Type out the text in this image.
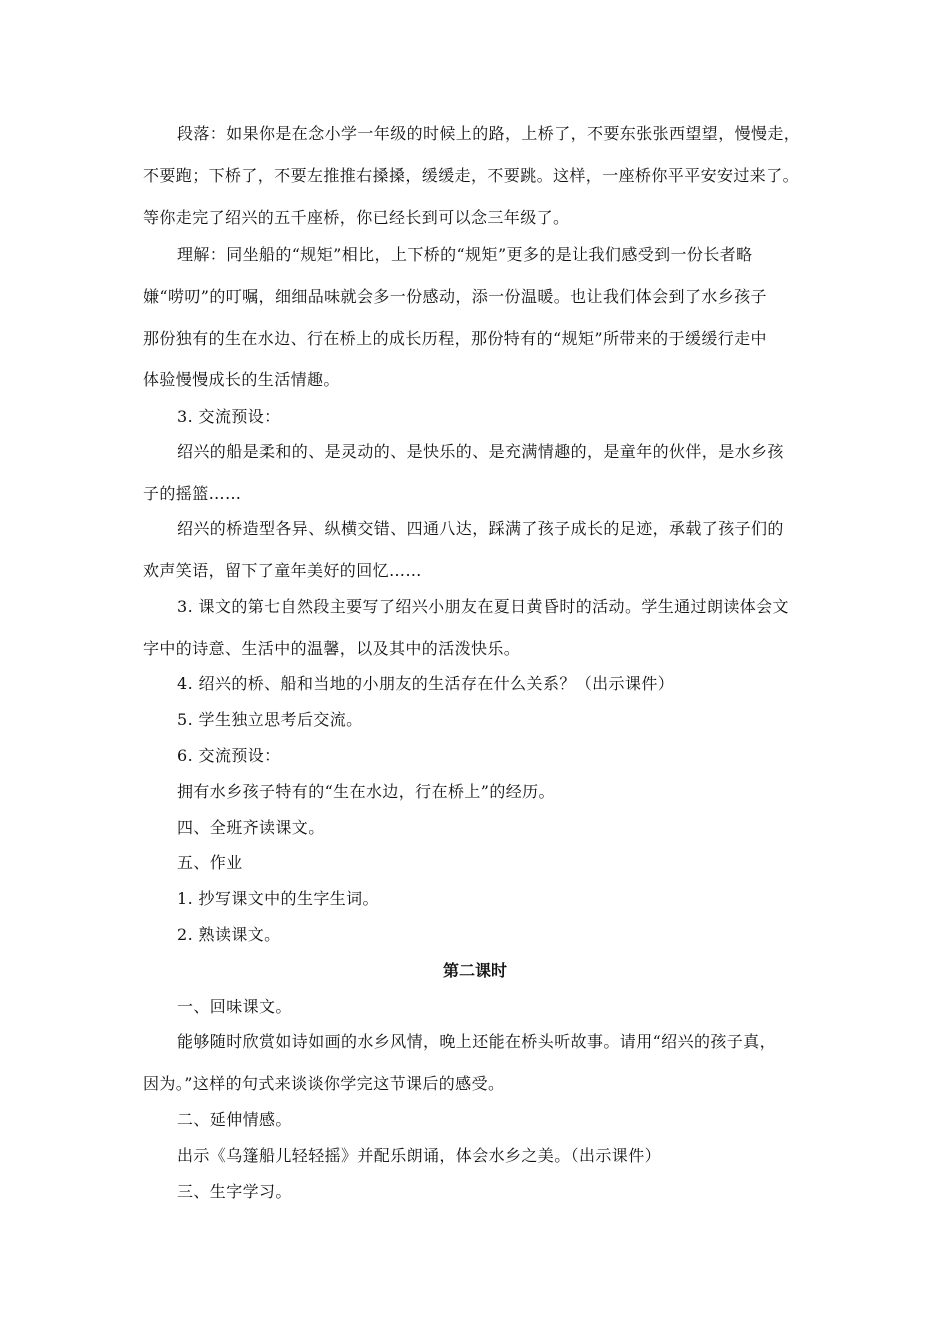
段落：如果你是在念小学一年级的时候上的路，上桥了，不要东张张西望望，慢慢走，
不要跑；下桥了，不要左推推右搡搡，缓缓走，不要跳。这样，一座桥你平平安安过来了。
等你走完了绍兴的五千座桥，你已经长到可以念三年级了。
理解：同坐船的“规矩”相比，上下桥的“规矩”更多的是让我们感受到一份长者略
嫌“唠叨”的叮嘱，细细品味就会多一份感动，添一份温暖。也让我们体会到了水乡孩子
那份独有的生在水边、行在桥上的成长历程，那份特有的“规矩”所带来的于缓缓行走中
体验慢慢成长的生活情趣。
3. 交流预设：
绍兴的船是柔和的、是灵动的、是快乐的、是充满情趣的，是童年的伙伴，是水乡孩
子的摇篮……
绍兴的桥造型各异、纵横交错、四通八达，踩满了孩子成长的足迹，承载了孩子们的
欢声笑语，留下了童年美好的回忆……
3. 课文的第七自然段主要写了绍兴小朋友在夏日黄昏时的活动。学生通过朗读体会文
字中的诗意、生活中的温馨，以及其中的活泼快乐。
4. 绍兴的桥、船和当地的小朋友的生活存在什么关系？（出示课件）
5. 学生独立思考后交流。
6. 交流预设：
拥有水乡孩子特有的“生在水边，行在桥上”的经历。
四、全班齐读课文。
五、作业
1. 抄写课文中的生字生词。
2. 熟读课文。
第二课时
一、回味课文。
能够随时欣赏如诗如画的水乡风情，晚上还能在桥头听故事。请用“绍兴的孩子真，
因为。”这样的句式来谈谈你学完这节课后的感受。
二、延伸情感。
出示《乌篷船儿轻轻摇》并配乐朗诵，体会水乡之美。（出示课件）
三、生字学习。
